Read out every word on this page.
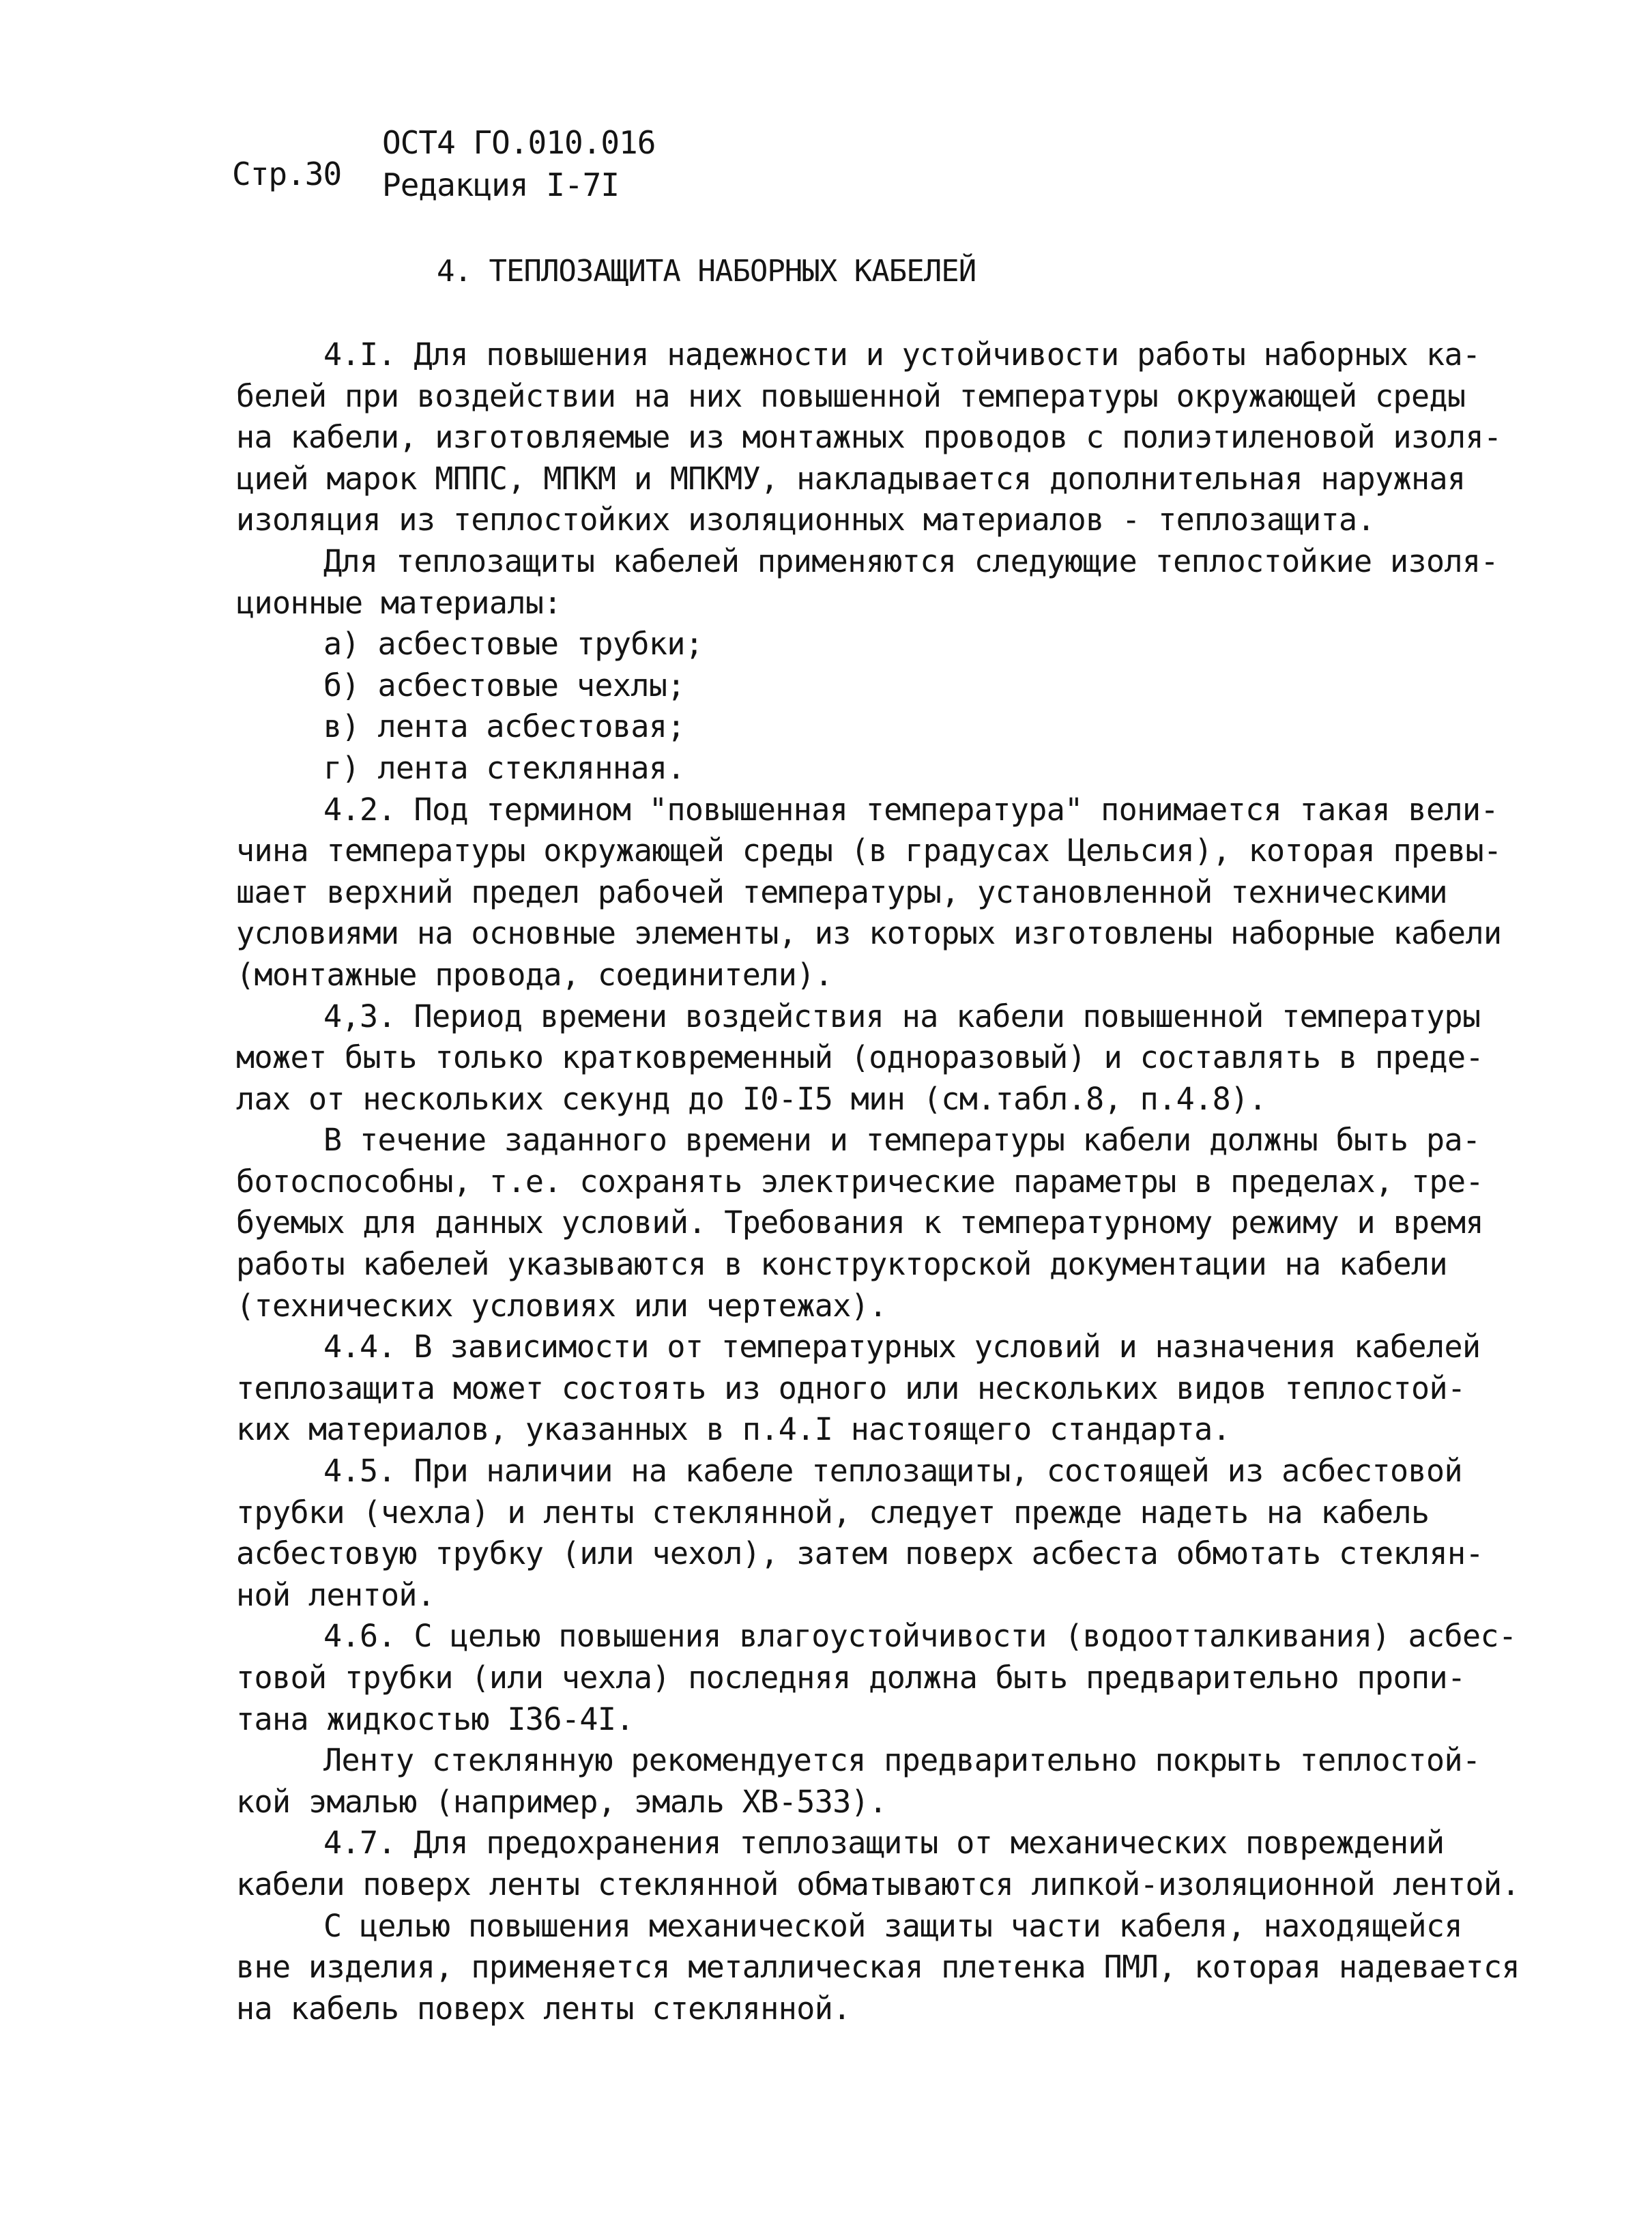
ОСТ4 ГО.010.016
Стр.30 Редакция I-7I
4. ТЕПЛОЗАЩИТА НАБОРНЫХ КАБЕЛЕЙ
4.I. Для повышения надежности и устойчивости работы наборных ка-
белей при воздействии на них повышенной температуры окружающей среды
на кабели, изготовляемые из монтажных проводов с полиэтиленовой изоля-
цией марок МППС, МПКМ и МПКМУ, накладывается дополнительная наружная
изоляция из теплостойких изоляционных материалов - теплозащита.
Для теплозащиты кабелей применяются следующие теплостойкие изоля-
ционные материалы:
а) асбестовые трубки;
б) асбестовые чехлы;
в) лента асбестовая;
г) лента стеклянная.
4.2. Под термином "повышенная температура" понимается такая вели-
чина температуры окружающей среды (в градусах Цельсия), которая превы-
шает верхний предел рабочей температуры, установленной техническими
условиями на основные элементы, из которых изготовлены наборные кабели
(монтажные провода, соединители).
4,3. Период времени воздействия на кабели повышенной температуры
может быть только кратковременный (одноразовый) и составлять в преде-
лах от нескольких секунд до I0-I5 мин (см.табл.8, п.4.8).
В течение заданного времени и температуры кабели должны быть ра-
ботоспособны, т.е. сохранять электрические параметры в пределах, тре-
буемых для данных условий. Требования к температурному режиму и время
работы кабелей указываются в конструкторской документации на кабели
(технических условиях или чертежах).
4.4. В зависимости от температурных условий и назначения кабелей
теплозащита может состоять из одного или нескольких видов теплостой-
ких материалов, указанных в п.4.I настоящего стандарта.
4.5. При наличии на кабеле теплозащиты, состоящей из асбестовой
трубки (чехла) и ленты стеклянной, следует прежде надеть на кабель
асбестовую трубку (или чехол), затем поверх асбеста обмотать стеклян-
ной лентой.
4.6. С целью повышения влагоустойчивости (водоотталкивания) асбес-
товой трубки (или чехла) последняя должна быть предварительно пропи-
тана жидкостью I36-4I.
Ленту стеклянную рекомендуется предварительно покрыть теплостой-
кой эмалью (например, эмаль ХВ-533).
4.7. Для предохранения теплозащиты от механических повреждений
кабели поверх ленты стеклянной обматываются липкой-изоляционной лентой.
С целью повышения механической защиты части кабеля, находящейся
вне изделия, применяется металлическая плетенка ПМЛ, которая надевается
на кабель поверх ленты стеклянной.
